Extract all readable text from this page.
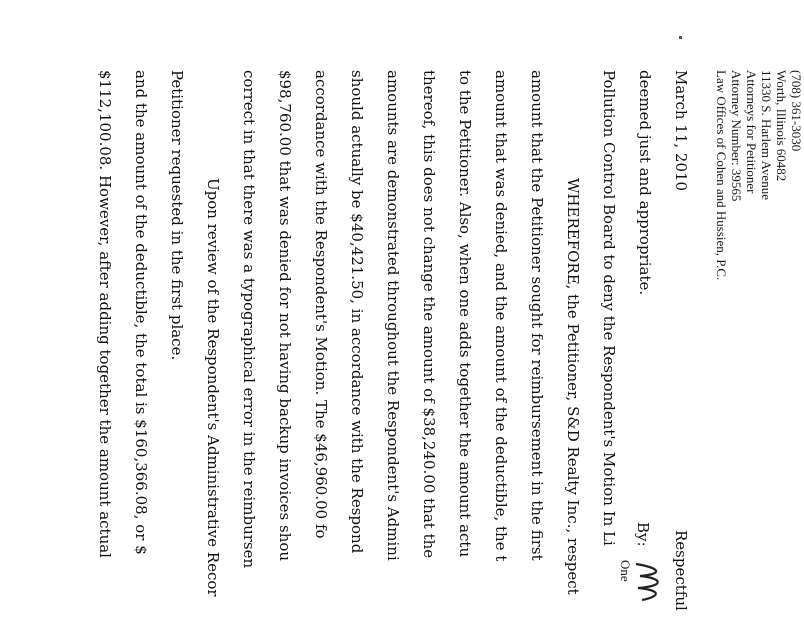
$112,100.08. However, after adding together the amount actual and the amount of the deductible, the total is $160,366.08, or $ Petitioner requested in the first place. Upon review of the Respondent's Administrative Recor correct in that there was a typographical error in the reimbursen $98,760.00 that was denied for not having backup invoices shou accordance with the Respondent's Motion. The $46,960.00 fo should actually be $40,421.50, in accordance with the Respond amounts are demonstrated throughout the Respondent's Admini thereof, this does not change the amount of $38,240.00 that the to the Petitioner. Also, when one adds together the amount actu amount that was denied, and the amount of the deductible, the t amount that the Petitioner sought for reimbursement in the first WHEREFORE, the Petitioner, S&D Realty Inc., respect Pollution Control Board to deny the Respondent's Motion In Li deemed just and appropriate. March 11, 2010
Respectful
By:
One
Law Offices of Cohen and Hussien, P.C. Attorney Number: 39565 Attorneys for Petitioner 11330 S. Harlem Avenue Worth, Illinois 60482 (708) 361-3030
